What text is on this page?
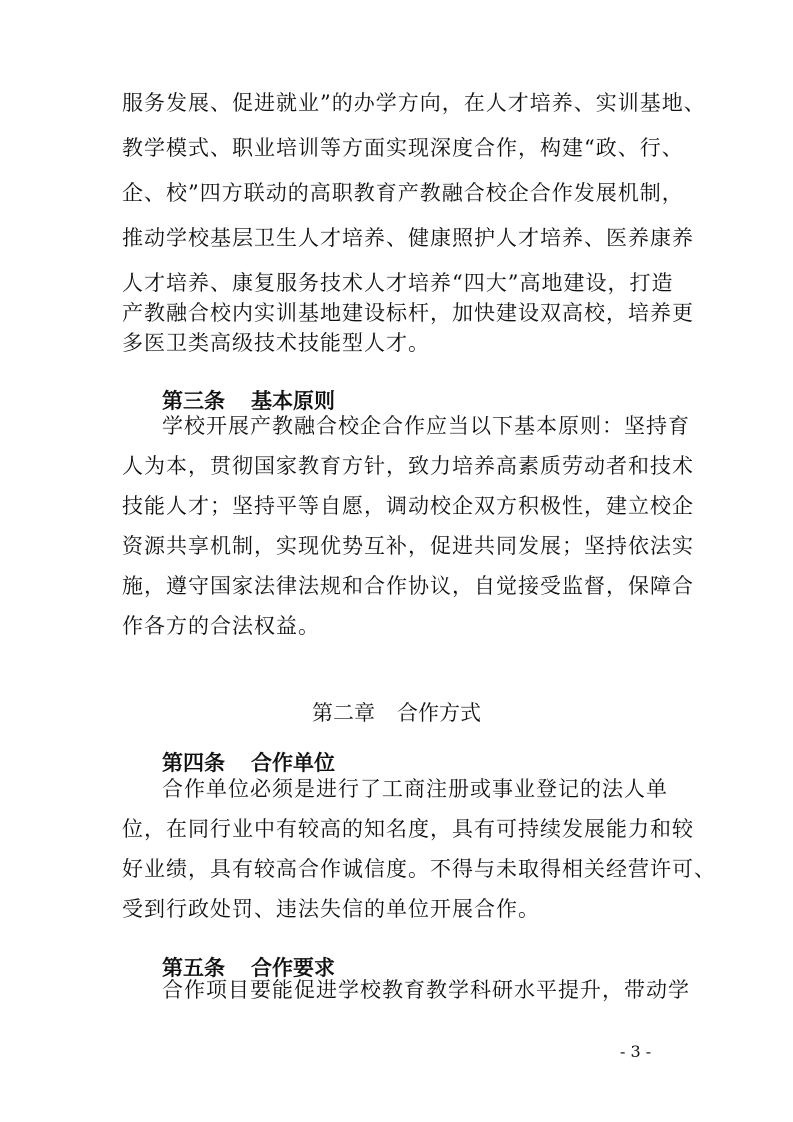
服务发展、促进就业”的办学方向，在人才培养、实训基地、
教学模式、职业培训等方面实现深度合作，构建“政、行、
企、校”四方联动的高职教育产教融合校企合作发展机制，
推动学校基层卫生人才培养、健康照护人才培养、医养康养
人才培养、康复服务技术人才培养“四大”高地建设，打造
产教融合校内实训基地建设标杆，加快建设双高校，培养更
多医卫类高级技术技能型人才。
第三条 基本原则
学校开展产教融合校企合作应当以下基本原则：坚持育
人为本，贯彻国家教育方针，致力培养高素质劳动者和技术
技能人才；坚持平等自愿，调动校企双方积极性，建立校企
资源共享机制，实现优势互补，促进共同发展；坚持依法实
施，遵守国家法律法规和合作协议，自觉接受监督，保障合
作各方的合法权益。
第二章 合作方式
第四条 合作单位
合作单位必须是进行了工商注册或事业登记的法人单
位，在同行业中有较高的知名度，具有可持续发展能力和较
好业绩，具有较高合作诚信度。不得与未取得相关经营许可、
受到行政处罚、违法失信的单位开展合作。
第五条 合作要求
合作项目要能促进学校教育教学科研水平提升，带动学
- 3 -
